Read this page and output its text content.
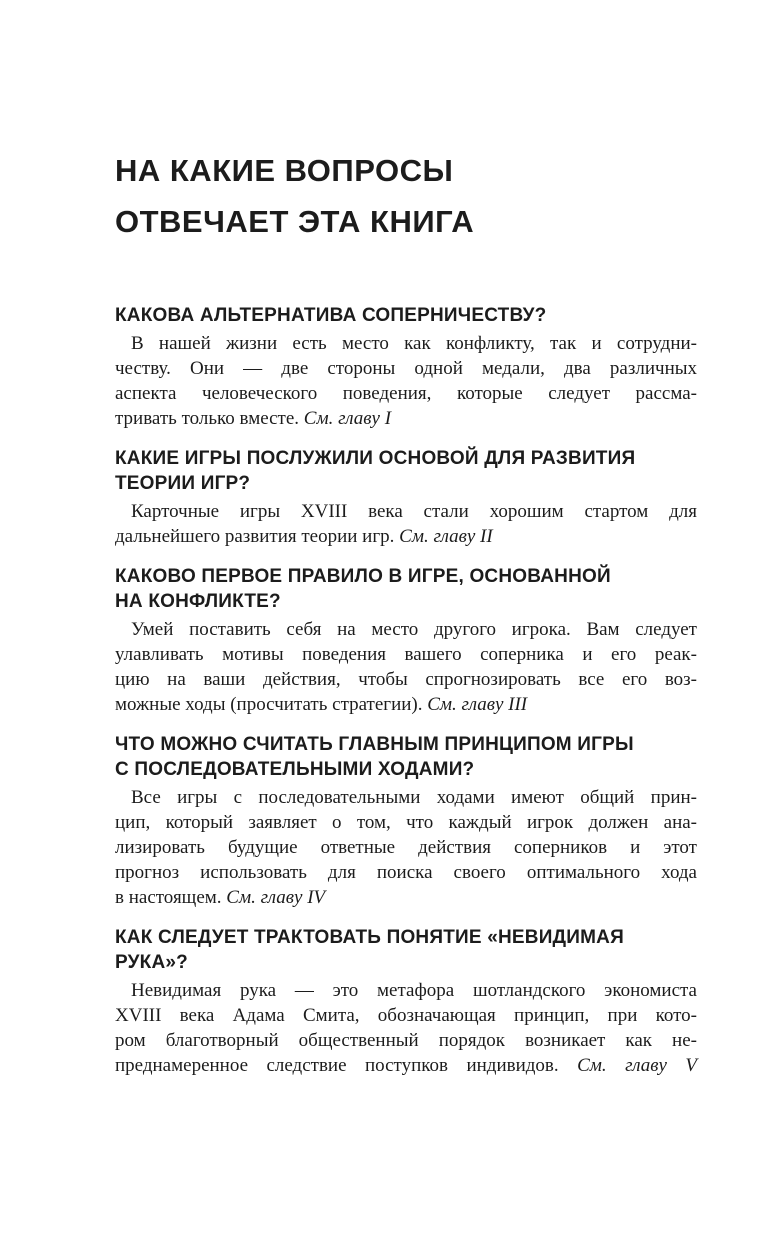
НА КАКИЕ ВОПРОСЫ
ОТВЕЧАЕТ ЭТА КНИГА
КАКОВА АЛЬТЕРНАТИВА СОПЕРНИЧЕСТВУ?
В нашей жизни есть место как конфликту, так и сотрудни-
честву. Они — две стороны одной медали, два различных
аспекта человеческого поведения, которые следует рассма-
тривать только вместе. См. главу I
КАКИЕ ИГРЫ ПОСЛУЖИЛИ ОСНОВОЙ ДЛЯ РАЗВИТИЯ
ТЕОРИИ ИГР?
Карточные игры XVIII века стали хорошим стартом для
дальнейшего развития теории игр. См. главу II
КАКОВО ПЕРВОЕ ПРАВИЛО В ИГРЕ, ОСНОВАННОЙ
НА КОНФЛИКТЕ?
Умей поставить себя на место другого игрока. Вам следует
улавливать мотивы поведения вашего соперника и его реак-
цию на ваши действия, чтобы спрогнозировать все его воз-
можные ходы (просчитать стратегии). См. главу III
ЧТО МОЖНО СЧИТАТЬ ГЛАВНЫМ ПРИНЦИПОМ ИГРЫ
С ПОСЛЕДОВАТЕЛЬНЫМИ ХОДАМИ?
Все игры с последовательными ходами имеют общий прин-
цип, который заявляет о том, что каждый игрок должен ана-
лизировать будущие ответные действия соперников и этот
прогноз использовать для поиска своего оптимального хода
в настоящем. См. главу IV
КАК СЛЕДУЕТ ТРАКТОВАТЬ ПОНЯТИЕ «НЕВИДИМАЯ
РУКА»?
Невидимая рука — это метафора шотландского экономиста
XVIII века Адама Смита, обозначающая принцип, при кото-
ром благотворный общественный порядок возникает как не-
преднамеренное следствие поступков индивидов. См. главу V
